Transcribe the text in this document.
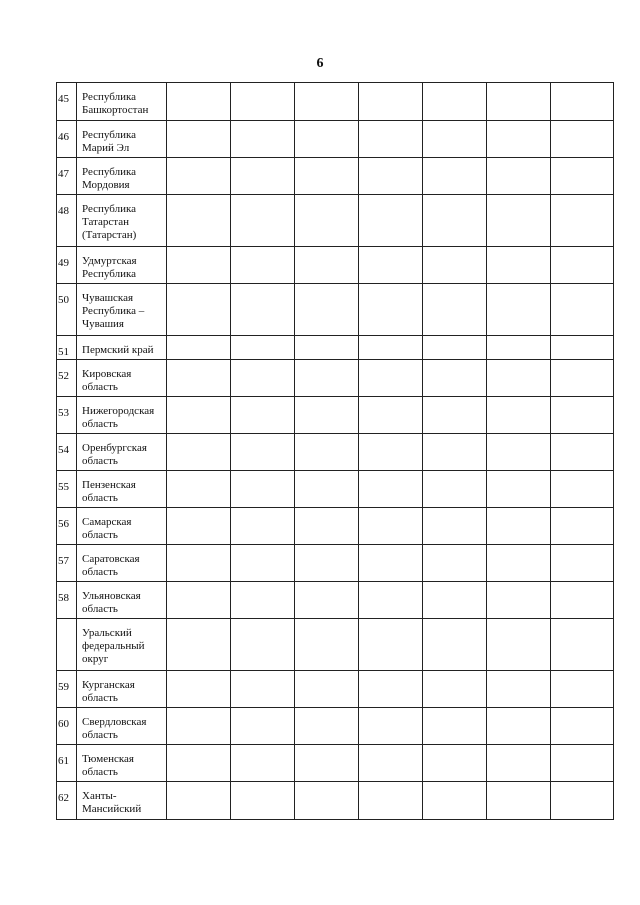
6
45	Республика Башкортостан							
46	Республика Марий Эл							
47	Республика Мордовия							
48	Республика Татарстан (Татарстан)							
49	Удмуртская Республика							
50	Чувашская Республика – Чувашия							
51	Пермский край							
52	Кировская область							
53	Нижегородская область							
54	Оренбургская область							
55	Пензенская область							
56	Самарская область							
57	Саратовская область							
58	Ульяновская область							
	Уральский федеральный округ							
59	Курганская область							
60	Свердловская область							
61	Тюменская область							
62	Ханты-Мансийский							
